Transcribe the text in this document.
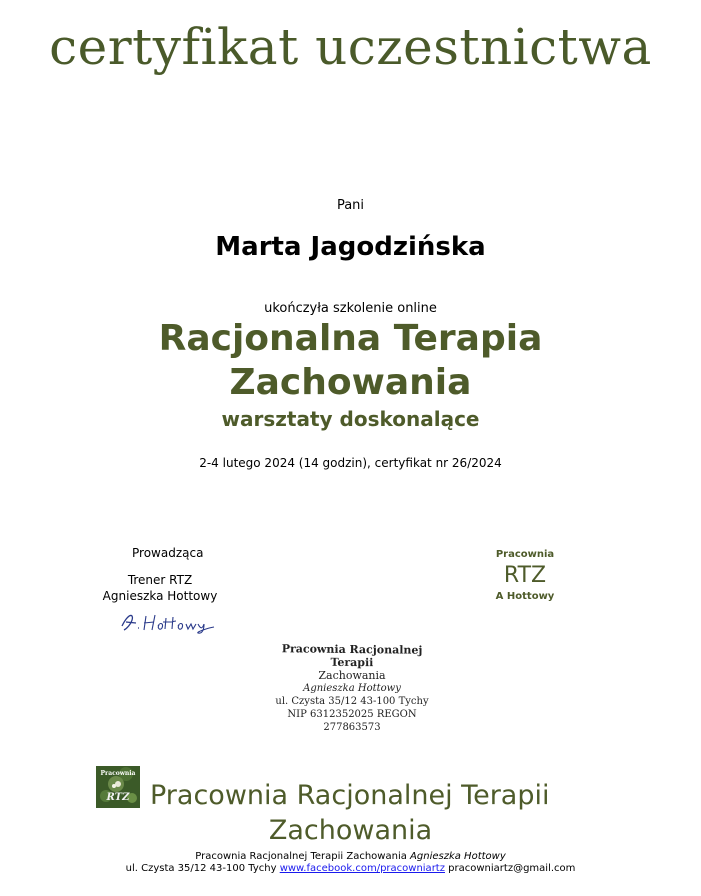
certyfikat uczestnictwa
Pani
Marta Jagodzińska
ukończyła szkolenie online
Racjonalna Terapia
Zachowania
warsztaty doskonalące
2-4 lutego 2024 (14 godzin), certyfikat nr 26/2024
Prowadząca
Trener RTZ
Agnieszka Hottowy
Pracownia
RTZ
A Hottowy
Pracownia Racjonalnej Terapii
Zachowania
Agnieszka Hottowy
ul. Czysta 35/12 43-100 Tychy
NIP 6312352025 REGON 277863573
Pracownia
RTZ Pracownia Racjonalnej Terapii
Zachowania
Pracownia Racjonalnej Terapii Zachowania Agnieszka Hottowy
ul. Czysta 35/12 43-100 Tychy www.facebook.com/pracowniartz pracowniartz@gmail.com
